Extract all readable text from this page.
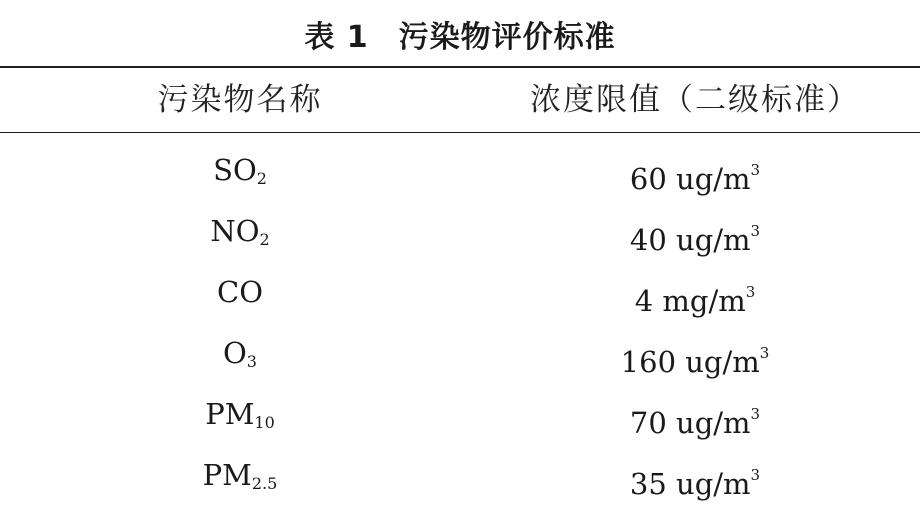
表 1 污染物评价标准
污染物名称	浓度限值（二级标准）
$SO_2$	60 $ug/m^3$
$NO_2$	40 $ug/m^3$
CO	4 $mg/m^3$
$O_3$	160 $ug/m^3$
$PM_{10}$	70 $ug/m^3$
$PM_{2.5}$	35 $ug/m^3$
